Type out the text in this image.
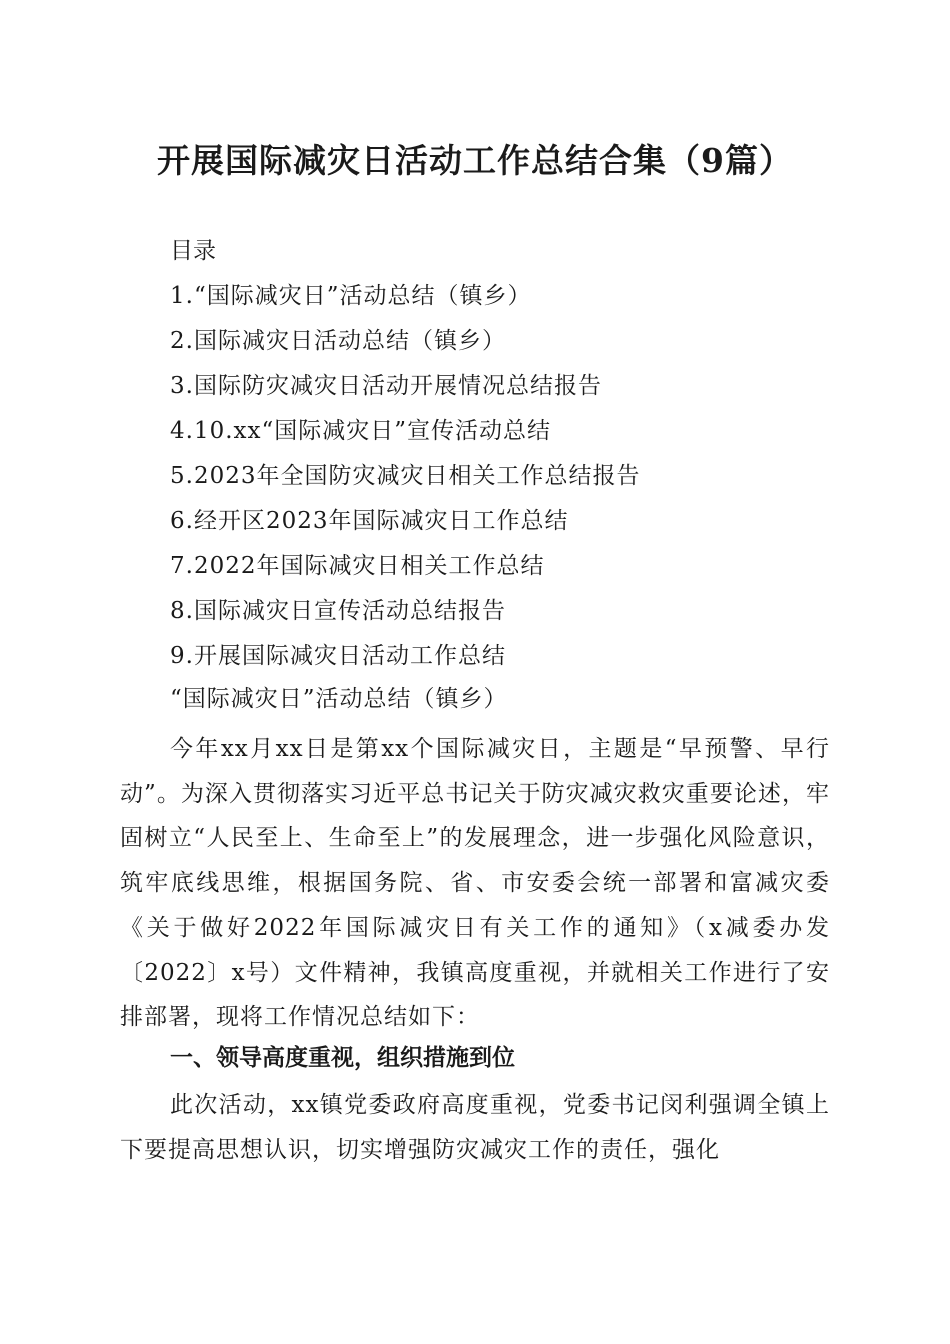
开展国际减灾日活动工作总结合集（9篇）
目录
1.“国际减灾日”活动总结（镇乡）
2.国际减灾日活动总结（镇乡）
3.国际防灾减灾日活动开展情况总结报告
4.10.xx“国际减灾日”宣传活动总结
5.2023年全国防灾减灾日相关工作总结报告
6.经开区2023年国际减灾日工作总结
7.2022年国际减灾日相关工作总结
8.国际减灾日宣传活动总结报告
9.开展国际减灾日活动工作总结
“国际减灾日”活动总结（镇乡）

今年xx月xx日是第xx个国际减灾日，主题是“早预警、早行动”。为深入贯彻落实习近平总书记关于防灾减灾救灾重要论述，牢固树立“人民至上、生命至上”的发展理念，进一步强化风险意识，筑牢底线思维，根据国务院、省、市安委会统一部署和富减灾委《关于做好2022年国际减灾日有关工作的通知》（x减委办发〔2022〕x号）文件精神，我镇高度重视，并就相关工作进行了安排部署，现将工作情况总结如下：

一、领导高度重视，组织措施到位

此次活动，xx镇党委政府高度重视，党委书记闵利强调全镇上下要提高思想认识，切实增强防灾减灾工作的责任，强化
